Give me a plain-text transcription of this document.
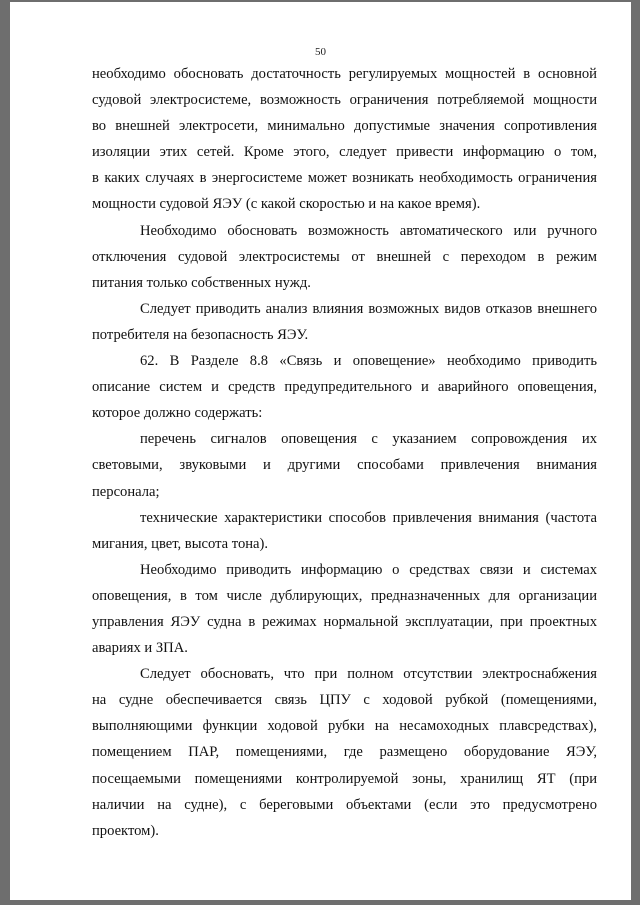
50

необходимо обосновать достаточность регулируемых мощностей в основной

судовой электросистеме, возможность ограничения потребляемой мощности

во внешней электросети, минимально допустимые значения сопротивления

изоляции этих сетей. Кроме этого, следует привести информацию о том,

в каких случаях в энергосистеме может возникать необходимость ограничения

мощности судовой ЯЭУ (с какой скоростью и на какое время).

Необходимо обосновать возможность автоматического или ручного

отключения судовой электросистемы от внешней с переходом в режим

питания только собственных нужд.

Следует приводить анализ влияния возможных видов отказов внешнего

потребителя на безопасность ЯЭУ.

62. В Разделе 8.8 «Связь и оповещение» необходимо приводить

описание систем и средств предупредительного и аварийного оповещения,

которое должно содержать:

перечень сигналов оповещения с указанием сопровождения их

световыми, звуковыми и другими способами привлечения внимания

персонала;

технические характеристики способов привлечения внимания (частота

мигания, цвет, высота тона).

Необходимо приводить информацию о средствах связи и системах

оповещения, в том числе дублирующих, предназначенных для организации

управления ЯЭУ судна в режимах нормальной эксплуатации, при проектных

авариях и ЗПА.

Следует обосновать, что при полном отсутствии электроснабжения

на судне обеспечивается связь ЦПУ с ходовой рубкой (помещениями,

выполняющими функции ходовой рубки на несамоходных плавсредствах),

помещением ПАР, помещениями, где размещено оборудование ЯЭУ,

посещаемыми помещениями контролируемой зоны, хранилищ ЯТ (при

наличии на судне), с береговыми объектами (если это предусмотрено

проектом).
